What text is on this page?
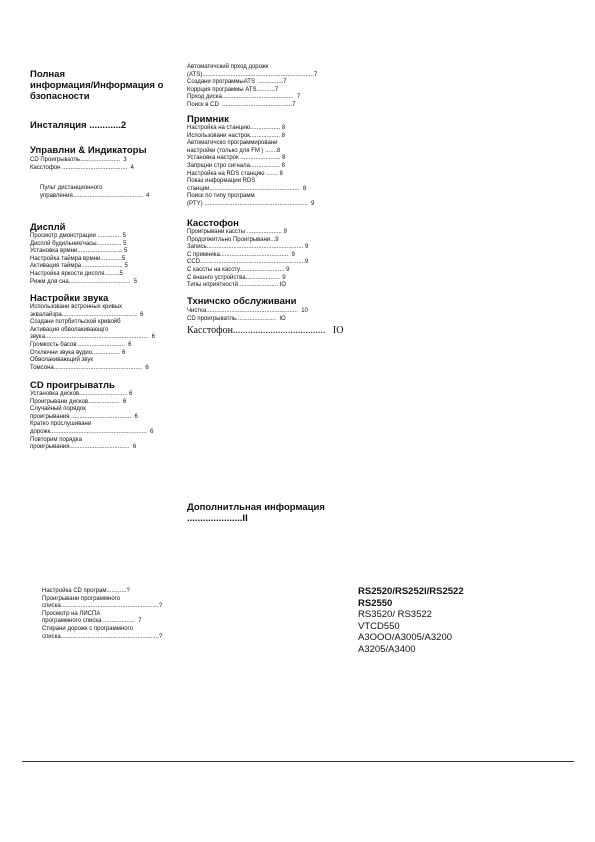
Полная
информация/Информация о
бзопасности
Инсталяция ............2
Управлни & Индикаторы
CD Проигрыватль........................  3
Касстофон .......................................  4
Пульт дистанционного
управления..........................................  4
Дисплй
Просмотр дмонстрации .............. 5
Дисплй будильник/часы............... 5
Установка врмни........................... 5
Настройка таймра врмни.............5
Активация таймра ........................ 5
Настройка яркости диспля.........5
Рижм для сна.....................................  5
Настройки звука
Использовани встронных кривых
эквалайзра.............................................  6
Создани потрбитльской кривойб
Активация обволакивающго
звука..............................................................  6
Громкость басов ............................  6
Отключни звука вудио................. 6
Обволакивающий звук
Томсона.....................................................  6
CD проигрыватль
Установка дисков............................. 6
Проигрывани дисков...................  6
Случайный порядок
проигрывания ....................................  6
Кратко прослушивани
дорожк..........................................................  6
Повторим порядка
проигрывания....................................  6
Настройка CD програм............?
Проигрывани программного
списка...........................................................?
Просмотр на ЛИСПА
программного списка ...................  7
Стирани дорожк с программного
списка...........................................................?
Автоматичский прход дорожк
(ATS)...................................................................7
Создани программыATS  ...............7
Коррция программы ATS...........7
Прход диска...........................................  7
Поиск в CD  ..........................................7
Примник
Настройка на станцию.................. 8
Использовани настрок.................. 8
Автоматичско программировани
настройки (только для FM ) .......8
Установка настрок ........................ 8
Запрщни стро сигнала.................. 8
Настройка на RDS станцию ....... 8
Показ информации RDS
станции......................................................  8
Поиск по типу программ
(PTY) ..............................................................  9
Касстофон
Проигрывани кассты ..................... 9
Продолжитльно Проигрывани...9
Запись.......................................................... 9
С примника.........................................  9
CCD...............................................................9
С кассты на кассту........................... 9
С вншнго устройства..................... 9
Типы нприятностй........................ IO
Тхничско обслуживани
Чистка.......................................................  10
CD проигрыватль........................  IO
Касстофон.....................................   IO
Дополнитльная информация
.....................II
RS2520/RS252l/RS2522
RS2550
RS3520/ RS3522
VTCD550
A3OOO/A3005/A3200
A3205/A3400
